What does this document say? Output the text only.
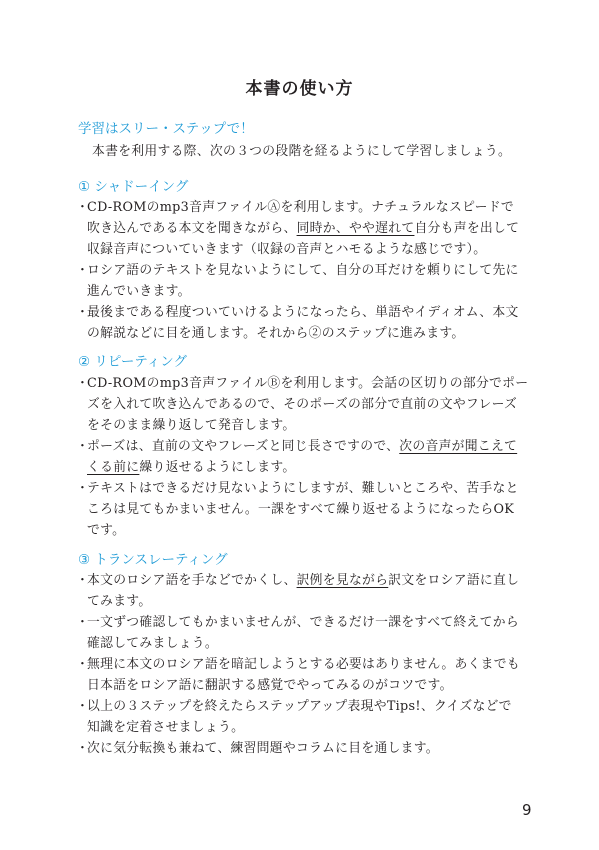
本書の使い方
学習はスリー・ステップで！
本書を利用する際、次の３つの段階を経るようにして学習しましょう。
① シャドーイング
・
CD-ROMのmp3音声ファイルⒶを利用します。ナチュラルなスピードで
吹き込んである本文を聞きながら、同時か、やや遅れて自分も声を出して
収録音声についていきます（収録の音声とハモるような感じです）。
・
ロシア語のテキストを見ないようにして、自分の耳だけを頼りにして先に
進んでいきます。
・
最後まである程度ついていけるようになったら、単語やイディオム、本文
の解説などに目を通します。それから②のステップに進みます。
② リピーティング
・
CD-ROMのmp3音声ファイルⒷを利用します。会話の区切りの部分でポー
ズを入れて吹き込んであるので、そのポーズの部分で直前の文やフレーズ
をそのまま繰り返して発音します。
・
ポーズは、直前の文やフレーズと同じ長さですので、次の音声が聞こえて
くる前に繰り返せるようにします。
・
テキストはできるだけ見ないようにしますが、難しいところや、苦手なと
ころは見てもかまいません。一課をすべて繰り返せるようになったらOK
です。
③ トランスレーティング
・
本文のロシア語を手などでかくし、訳例を見ながら訳文をロシア語に直し
てみます。
・
一文ずつ確認してもかまいませんが、できるだけ一課をすべて終えてから
確認してみましょう。
・
無理に本文のロシア語を暗記しようとする必要はありません。あくまでも
日本語をロシア語に翻訳する感覚でやってみるのがコツです。
・
以上の３ステップを終えたらステップアップ表現やTips!、クイズなどで
知識を定着させましょう。
・
次に気分転換も兼ねて、練習問題やコラムに目を通します。
9
